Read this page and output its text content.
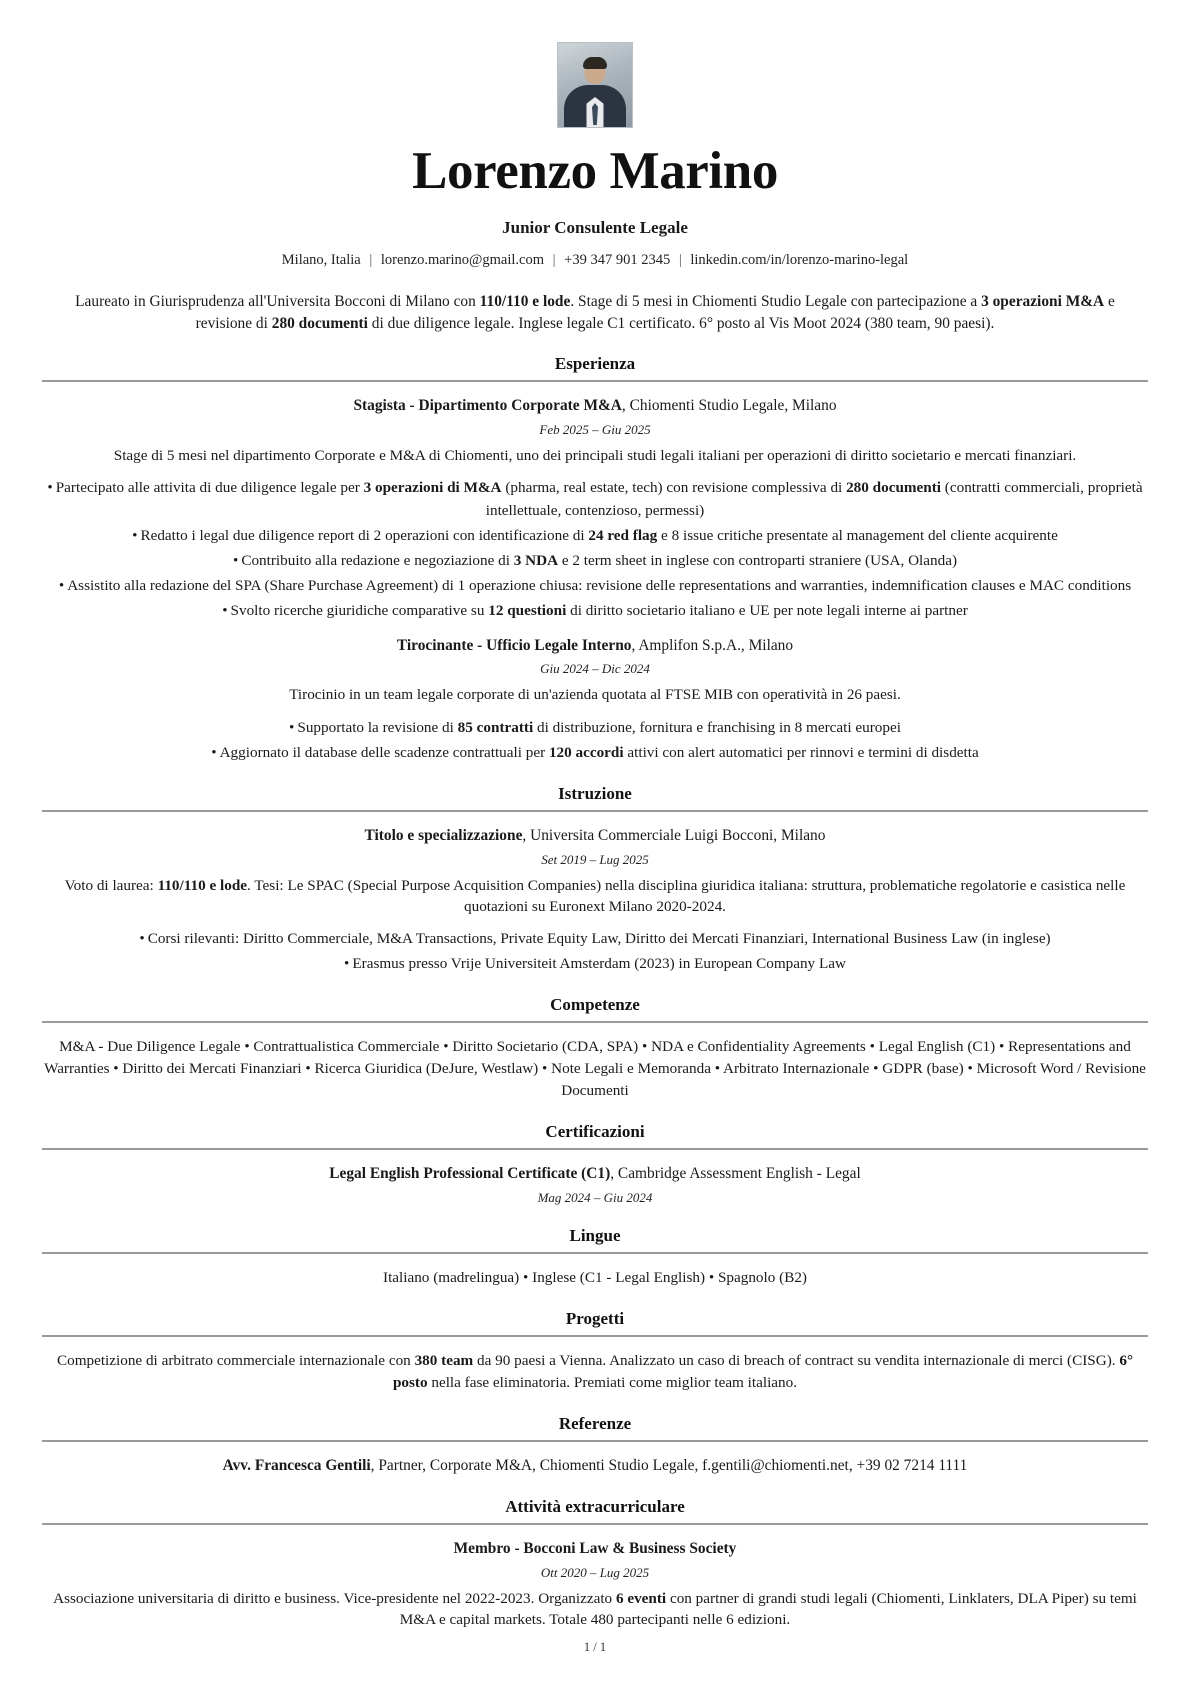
Lorenzo Marino
Junior Consulente Legale
Milano, Italia | lorenzo.marino@gmail.com | +39 347 901 2345 | linkedin.com/in/lorenzo-marino-legal
Laureato in Giurisprudenza all'Universita Bocconi di Milano con 110/110 e lode. Stage di 5 mesi in Chiomenti Studio Legale con partecipazione a 3 operazioni M&A e revisione di 280 documenti di due diligence legale. Inglese legale C1 certificato. 6° posto al Vis Moot 2024 (380 team, 90 paesi).
Esperienza
Stagista - Dipartimento Corporate M&A, Chiomenti Studio Legale, Milano
Feb 2025 – Giu 2025
Stage di 5 mesi nel dipartimento Corporate e M&A di Chiomenti, uno dei principali studi legali italiani per operazioni di diritto societario e mercati finanziari.
• Partecipato alle attivita di due diligence legale per 3 operazioni di M&A (pharma, real estate, tech) con revisione complessiva di 280 documenti (contratti commerciali, proprietà intellettuale, contenzioso, permessi)
• Redatto i legal due diligence report di 2 operazioni con identificazione di 24 red flag e 8 issue critiche presentate al management del cliente acquirente
• Contribuito alla redazione e negoziazione di 3 NDA e 2 term sheet in inglese con controparti straniere (USA, Olanda)
• Assistito alla redazione del SPA (Share Purchase Agreement) di 1 operazione chiusa: revisione delle representations and warranties, indemnification clauses e MAC conditions
• Svolto ricerche giuridiche comparative su 12 questioni di diritto societario italiano e UE per note legali interne ai partner
Tirocinante - Ufficio Legale Interno, Amplifon S.p.A., Milano
Giu 2024 – Dic 2024
Tirocinio in un team legale corporate di un'azienda quotata al FTSE MIB con operatività in 26 paesi.
• Supportato la revisione di 85 contratti di distribuzione, fornitura e franchising in 8 mercati europei
• Aggiornato il database delle scadenze contrattuali per 120 accordi attivi con alert automatici per rinnovi e termini di disdetta
Istruzione
Titolo e specializzazione, Universita Commerciale Luigi Bocconi, Milano
Set 2019 – Lug 2025
Voto di laurea: 110/110 e lode. Tesi: Le SPAC (Special Purpose Acquisition Companies) nella disciplina giuridica italiana: struttura, problematiche regolatorie e casistica nelle quotazioni su Euronext Milano 2020-2024.
• Corsi rilevanti: Diritto Commerciale, M&A Transactions, Private Equity Law, Diritto dei Mercati Finanziari, International Business Law (in inglese)
• Erasmus presso Vrije Universiteit Amsterdam (2023) in European Company Law
Competenze
M&A - Due Diligence Legale • Contrattualistica Commerciale • Diritto Societario (CDA, SPA) • NDA e Confidentiality Agreements • Legal English (C1) • Representations and Warranties • Diritto dei Mercati Finanziari • Ricerca Giuridica (DeJure, Westlaw) • Note Legali e Memoranda • Arbitrato Internazionale • GDPR (base) • Microsoft Word / Revisione Documenti
Certificazioni
Legal English Professional Certificate (C1), Cambridge Assessment English - Legal
Mag 2024 – Giu 2024
Lingue
Italiano (madrelingua) • Inglese (C1 - Legal English) • Spagnolo (B2)
Progetti
Competizione di arbitrato commerciale internazionale con 380 team da 90 paesi a Vienna. Analizzato un caso di breach of contract su vendita internazionale di merci (CISG). 6° posto nella fase eliminatoria. Premiati come miglior team italiano.
Referenze
Avv. Francesca Gentili, Partner, Corporate M&A, Chiomenti Studio Legale, f.gentili@chiomenti.net, +39 02 7214 1111
Attività extracurriculare
Membro - Bocconi Law & Business Society
Ott 2020 – Lug 2025
Associazione universitaria di diritto e business. Vice-presidente nel 2022-2023. Organizzato 6 eventi con partner di grandi studi legali (Chiomenti, Linklaters, DLA Piper) su temi M&A e capital markets. Totale 480 partecipanti nelle 6 edizioni.
1 / 1
